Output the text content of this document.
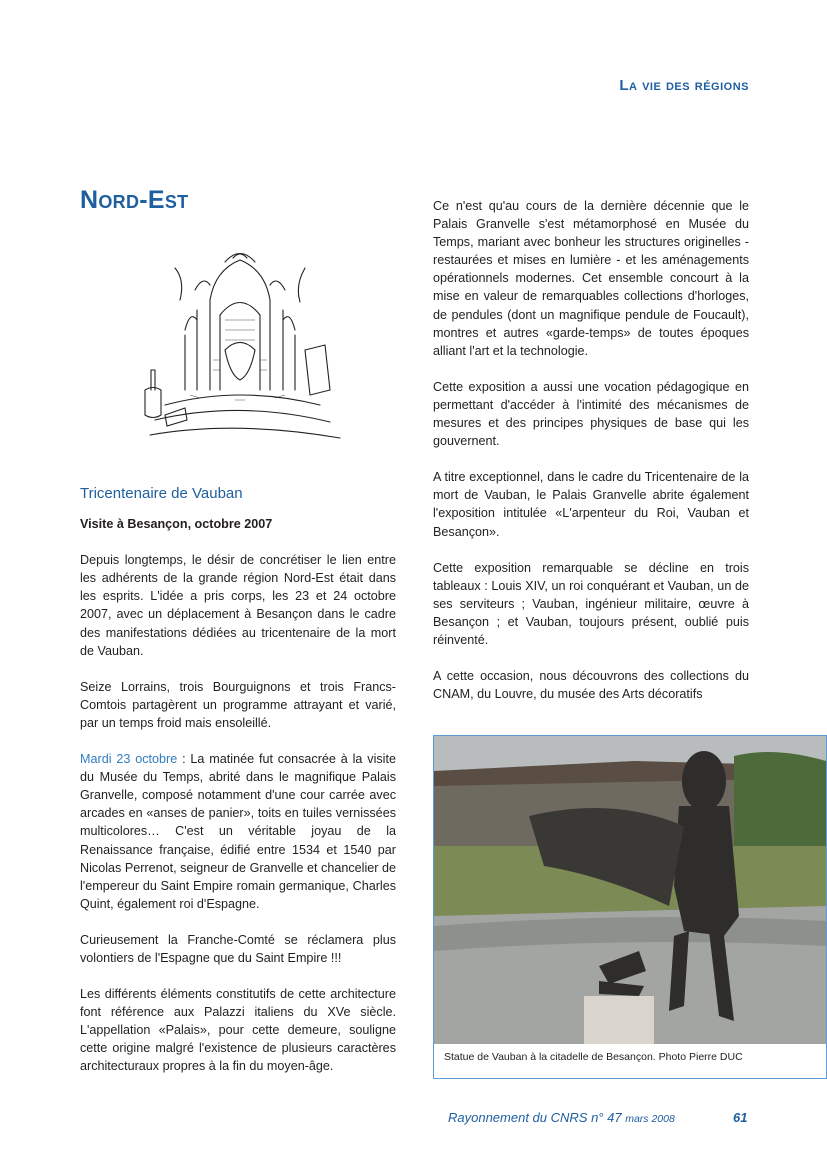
La vie des régions
Nord-Est

Tricentenaire de Vauban

Visite à Besançon, octobre 2007

Depuis longtemps, le désir de concrétiser le lien entre les adhérents de la grande région Nord-Est était dans les esprits. L'idée a pris corps, les 23 et 24 octobre 2007, avec un déplacement à Besançon dans le cadre des manifestations dédiées au tricentenaire de la mort de Vauban.

Seize Lorrains, trois Bourguignons et trois Francs-Comtois partagèrent un programme attrayant et varié, par un temps froid mais ensoleillé.

Mardi 23 octobre : La matinée fut consacrée à la visite du Musée du Temps, abrité dans le magnifique Palais Granvelle, composé notamment d'une cour carrée avec arcades en «anses de panier», toits en tuiles vernissées multicolores… C'est un véritable joyau de la Renaissance française, édifié entre 1534 et 1540 par Nicolas Perrenot, seigneur de Granvelle et chancelier de l'empereur du Saint Empire romain germanique, Charles Quint, également roi d'Espagne.

Curieusement la Franche-Comté se réclamera plus volontiers de l'Espagne que du Saint Empire !!!

Les différents éléments constitutifs de cette architecture font référence aux Palazzi italiens du XVe siècle. L'appellation «Palais», pour cette demeure, souligne cette origine malgré l'existence de plusieurs caractères architecturaux propres à la fin du moyen-âge.

Ce n'est qu'au cours de la dernière décennie que le Palais Granvelle s'est métamorphosé en Musée du Temps, mariant avec bonheur les structures originelles - restaurées et mises en lumière - et les aménagements opérationnels modernes. Cet ensemble concourt à la mise en valeur de remarquables collections d'horloges, de pendules (dont un magnifique pendule de Foucault), montres et autres «garde-temps» de toutes époques alliant l'art et la technologie.

Cette exposition a aussi une vocation pédagogique en permettant d'accéder à l'intimité des mécanismes de mesures et des principes physiques de base qui les gouvernent.

A titre exceptionnel, dans le cadre du Tricentenaire de la mort de Vauban, le Palais Granvelle abrite également l'exposition intitulée «L'arpenteur du Roi, Vauban et Besançon».

Cette exposition remarquable se décline en trois tableaux : Louis XIV, un roi conquérant et Vauban, un de ses serviteurs ; Vauban, ingénieur militaire, œuvre à Besançon ; et Vauban, toujours présent, oublié puis réinventé.

A cette occasion, nous découvrons des collections du CNAM, du Louvre, du musée des Arts décoratifs

Statue de Vauban à la citadelle de Besançon. Photo Pierre DUC
Rayonnement du CNRS n° 47 mars 2008	61
